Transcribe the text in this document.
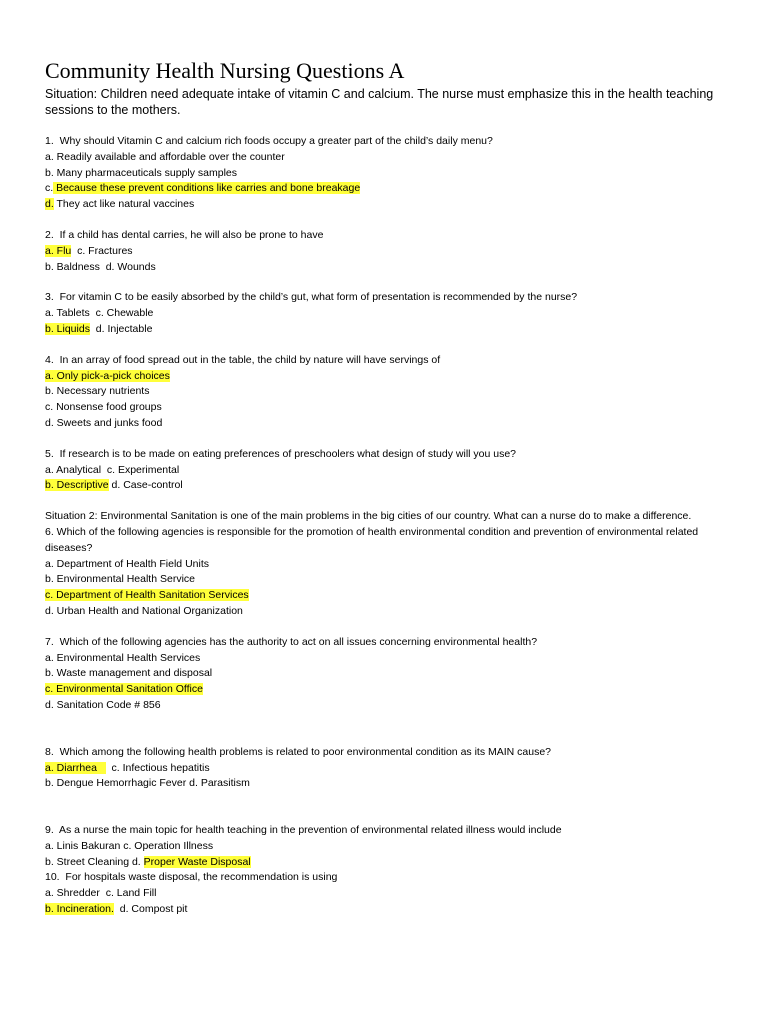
Community Health Nursing Questions A
Situation: Children need adequate intake of vitamin C and calcium. The nurse must emphasize this in the health teaching sessions to the mothers.
1.  Why should Vitamin C and calcium rich foods occupy a greater part of the child’s daily menu?
a. Readily available and affordable over the counter
b. Many pharmaceuticals supply samples
c. Because these prevent conditions like carries and bone breakage
d. They act like natural vaccines
2.  If a child has dental carries, he will also be prone to have
a. Flu  c. Fractures
b. Baldness  d. Wounds
3.  For vitamin C to be easily absorbed by the child’s gut, what form of presentation is recommended by the nurse?
a. Tablets  c. Chewable
b. Liquids  d. Injectable
4.  In an array of food spread out in the table, the child by nature will have servings of
a. Only pick-a-pick choices
b. Necessary nutrients
c. Nonsense food groups
d. Sweets and junks food
5.  If research is to be made on eating preferences of preschoolers what design of study will you use?
a. Analytical  c. Experimental
b. Descriptive d. Case-control
Situation 2: Environmental Sanitation is one of the main problems in the big cities of our country. What can a nurse do to make a difference.
6. Which of the following agencies is responsible for the promotion of health environmental condition and prevention of environmental related diseases?
a. Department of Health Field Units
b. Environmental Health Service
c. Department of Health Sanitation Services
d. Urban Health and National Organization
7.  Which of the following agencies has the authority to act on all issues concerning environmental health?
a. Environmental Health Services
b. Waste management and disposal
c. Environmental Sanitation Office
d. Sanitation Code # 856
8.  Which among the following health problems is related to poor environmental condition as its MAIN cause?
a. Diarrhea     c. Infectious hepatitis
b. Dengue Hemorrhagic Fever d. Parasitism
9.  As a nurse the main topic for health teaching in the prevention of environmental related illness would include
a. Linis Bakuran c. Operation Illness
b. Street Cleaning d. Proper Waste Disposal
10.  For hospitals waste disposal, the recommendation is using
a. Shredder  c. Land Fill
b. Incineration.  d. Compost pit
